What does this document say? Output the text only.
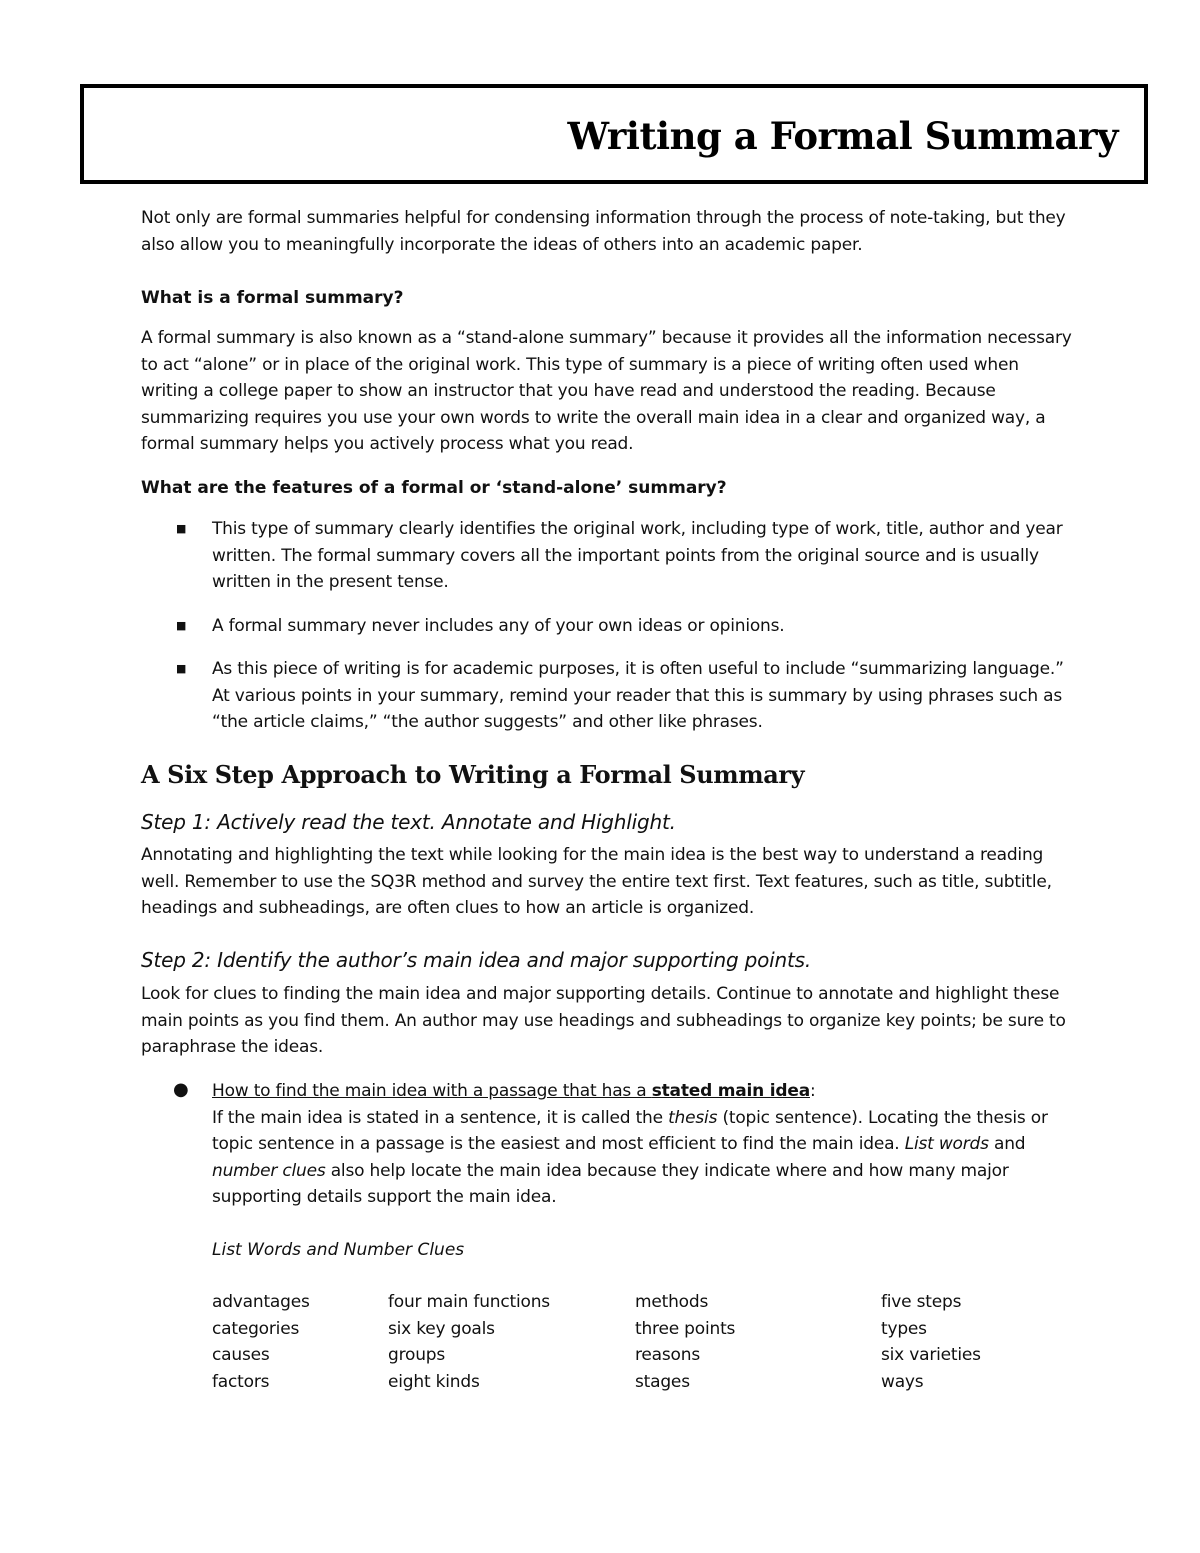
Writing a Formal Summary

Not only are formal summaries helpful for condensing information through the process of note-taking, but they also allow you to meaningfully incorporate the ideas of others into an academic paper.

What is a formal summary?

A formal summary is also known as a “stand-alone summary” because it provides all the information necessary to act “alone” or in place of the original work. This type of summary is a piece of writing often used when writing a college paper to show an instructor that you have read and understood the reading. Because summarizing requires you use your own words to write the overall main idea in a clear and organized way, a formal summary helps you actively process what you read.

What are the features of a formal or ‘stand-alone’ summary?

■ This type of summary clearly identifies the original work, including type of work, title, author and year written. The formal summary covers all the important points from the original source and is usually written in the present tense.
■ A formal summary never includes any of your own ideas or opinions.
■ As this piece of writing is for academic purposes, it is often useful to include “summarizing language.” At various points in your summary, remind your reader that this is summary by using phrases such as “the article claims,” “the author suggests” and other like phrases.
A Six Step Approach to Writing a Formal Summary

Step 1: Actively read the text. Annotate and Highlight.

Annotating and highlighting the text while looking for the main idea is the best way to understand a reading well. Remember to use the SQ3R method and survey the entire text first. Text features, such as title, subtitle, headings and subheadings, are often clues to how an article is organized.

Step 2: Identify the author’s main idea and major supporting points.

Look for clues to finding the main idea and major supporting details. Continue to annotate and highlight these main points as you find them. An author may use headings and subheadings to organize key points; be sure to paraphrase the ideas.

● How to find the main idea with a passage that has a stated main idea:
If the main idea is stated in a sentence, it is called the thesis (topic sentence). Locating the thesis or topic sentence in a passage is the easiest and most efficient to find the main idea. List words and number clues also help locate the main idea because they indicate where and how many major supporting details support the main idea.
List Words and Number Clues
advantages	four main functions	methods	five steps
categories	six key goals	three points	types
causes	groups	reasons	six varieties
factors	eight kinds	stages	ways
